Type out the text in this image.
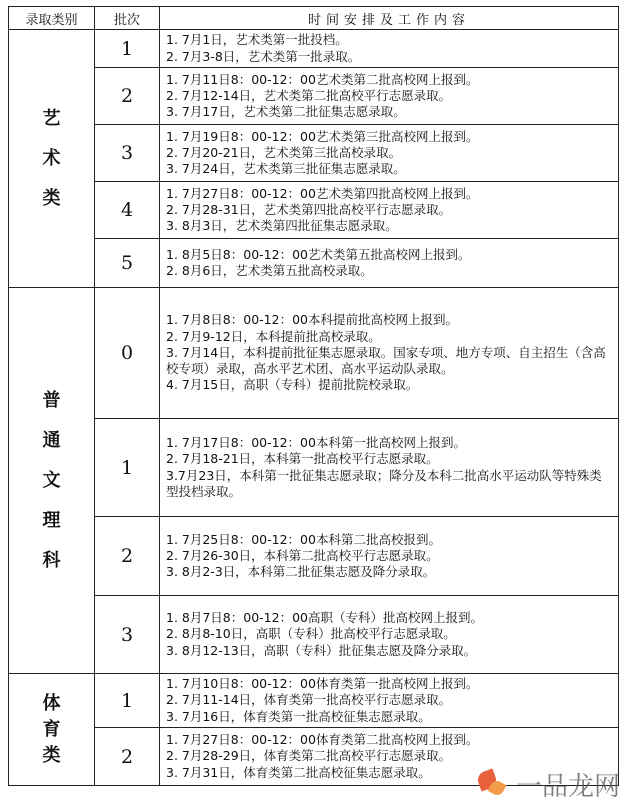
录取类别	批次	时间安排及工作内容
艺术类	1	1. 7月1日，艺术类第一批投档。
2. 7月3-8日，艺术类第一批录取。

	2	1. 7月11日8：00-12：00艺术类第二批高校网上报到。
2. 7月12-14日，艺术类第二批高校平行志愿录取。
3. 7月17日，艺术类第二批征集志愿录取。

	3	1. 7月19日8：00-12：00艺术类第三批高校网上报到。
2. 7月20-21日，艺术类第三批高校录取。
3. 7月24日，艺术类第三批征集志愿录取。

	4	1. 7月27日8：00-12：00艺术类第四批高校网上报到。
2. 7月28-31日，艺术类第四批高校平行志愿录取。
3. 8月3日，艺术类第四批征集志愿录取。

	5	1. 8月5日8：00-12：00艺术类第五批高校网上报到。
2. 8月6日，艺术类第五批高校录取。

普通文理科	0	1. 7月8日8：00-12：00本科提前批高校网上报到。
2. 7月9-12日，本科提前批高校录取。
3. 7月14日，本科提前批征集志愿录取。国家专项、地方专项、自主招生（含高校专项）录取，高水平艺术团、高水平运动队录取。
4. 7月15日，高职（专科）提前批院校录取。

	1	1. 7月17日8：00-12：00本科第一批高校网上报到。
2. 7月18-21日，本科第一批高校平行志愿录取。
3.7月23日，本科第一批征集志愿录取；降分及本科二批高水平运动队等特殊类型投档录取。

	2	1. 7月25日8：00-12：00本科第二批高校报到。
2. 7月26-30日，本科第二批高校平行志愿录取。
3. 8月2-3日，本科第二批征集志愿及降分录取。

	3	1. 8月7日8：00-12：00高职（专科）批高校网上报到。
2. 8月8-10日，高职（专科）批高校平行志愿录取。
3. 8月12-13日，高职（专科）批征集志愿及降分录取。

体育类	1	1. 7月10日8：00-12：00体育类第一批高校网上报到。
2. 7月11-14日，体育类第一批高校平行志愿录取。
3. 7月16日，体育类第一批高校征集志愿录取。

	2	1. 7月27日8：00-12：00体育类第二批高校网上报到。
2. 7月28-29日，体育类第二批高校平行志愿录取。
3. 7月31日，体育类第二批高校征集志愿录取。	一品龙网
